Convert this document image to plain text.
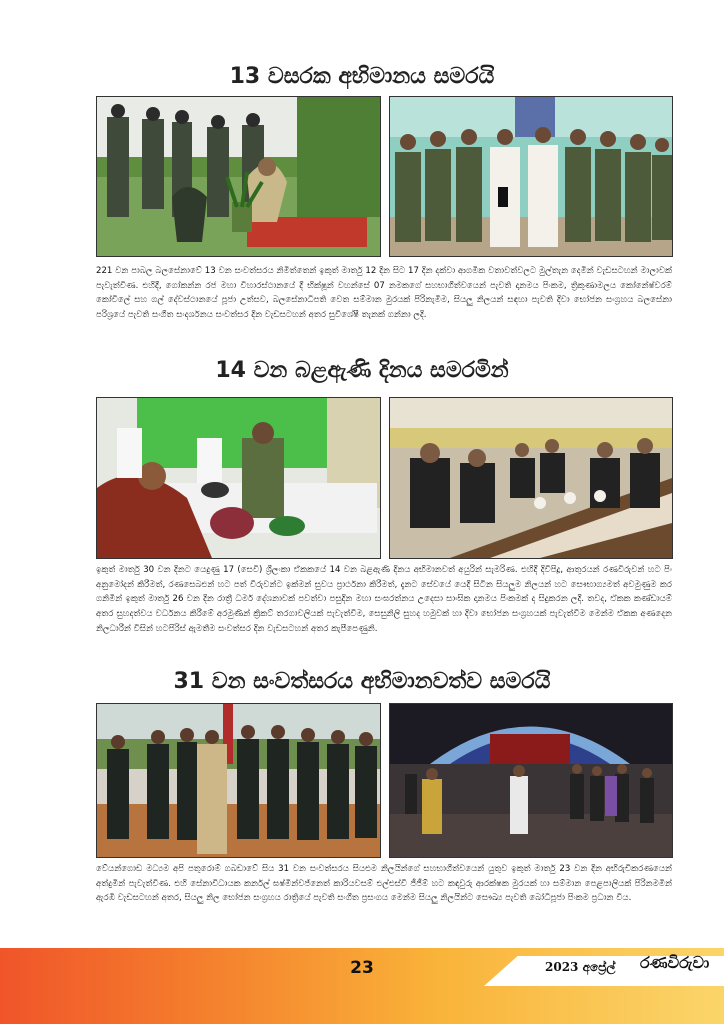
13 වසරක අභිමානය සමරයි

221 වන පාබල බලසේනාවේ 13 වන සංවත්සරය නිමිත්තෙන් ඉකුත් මාර්තු 12 දින සිට 17 දින දක්වා ආගමික වතාවත්වලට මුල්තැන දෙමින් වැඩසටහන් මාලාවක් පැවැත්විණ. එහිදී, ගෝකන්න රජ මහා විහාරස්ථානයේ දී භික්ෂූන් වහන්සේ 07 නමකගේ සහභාගීත්වයෙන් පැවති දානමය පිංකම, ත්‍රිකුණාමලය කෝනේෂ්වරම් කෝවිලේ සහ ගල් දේවස්ථානයේ පූජා උත්සව, බලසේනාධිපති වෙත සම්මාන මුරයක් පිරිනැමීම, සියලු නිලයන් සඳහා පැවති දිවා භෝජන සංග්‍රහය බලසේනා පරිශ්‍රයේ පැවති සංගීත සංදර්ශනය සංවත්සර දින වැඩසටහන් අතර සුවිශේෂී තැනක් ගන්නා ලදි.

14 වන බළඇණි දිනය සමරමින්

ඉකුත් මාර්තු 30 වන දිනට යෙදුණු 17 (සෙවි) ශ්‍රීලංකා ඒකකයේ 14 වන බළඇණි දිනය අභිමානවත් අයුරින් සැමරිණ. එහිදී දිවිපිදූ, ආතුරයන් රණවිරුවන් හට පිං අනුමෝදන් කිරීමත්, රණසෙබළුන් හට පත් වීරුවන්ට ඉක්මන් සුවය ප්‍රාර්ථනා කිරීමත්, දැනට සේවයේ යෙදී සිටින සියලුම නිලයන් හට සෞභාග්‍යමත් අවමුණුම කර ගනිමින් ඉකුත් මාර්තු 26 වන දින රාත්‍රී ධර්ම දේශනාවක් පවත්වා පසුදින මහා සංඝරත්නය උදෙසා සාංඝික දානමය පිංකමක් ද සිදුකරන ලදී. තවද, ඒකක කණ්ඩායම් අතර සුහදත්වය වර්ධනය කිරීමේ අරමුණින් ක්‍රිකට් තරගාවලියක් පැවැත්වීම, සෙසුනිලි සුහද හමුවක් හා දිවා භෝජන සංග්‍රහයක් පැවැත්වීම මෙන්ම ඒකක අණදෙන නිලධාරීන් විසින් හටපිරිස් ඇමතීම සංවත්සර දින වැඩසටහන් අතර කැපීපෙණුනි.

31 වන සංවත්සරය අභිමානවත්ව සමරයි

වේයන්ගොඩ මධ්‍යම අපි පතුරොම් ගබඩාවේ සිය 31 වන සංවත්සරය සියළුම නිලයින්ගේ සහභාගීත්වයෙන් යුතුව ඉකුත් මාර්තු 23 වන දින අභිරුචිකරණයෙන් අත්දුමින් පැවැත්විණ. එහි සේනාවිධායක කර්නල් ඝෂ්මින්වජ්නෙත් කාරියවසම් එල්එස්වී ජීජීම් හට කඳවුරු ආරක්ෂක මුරයක් හා සම්මාන පෙළපාලියක් පිරිනමමින් ඇරඹි වැඩසටහන් අතර, සියලු නිල භෝජන සංග්‍රහය රාත්‍රියේ පැවති සංගීත ප්‍රසංගය මෙන්ම සියලු නිලයින්ට සෞඛ්‍ය පැවති බෝධිපූජා පිංකම ප්‍රධාන විය.

23	2023 අප්‍රේල්	රණවිරුවා
